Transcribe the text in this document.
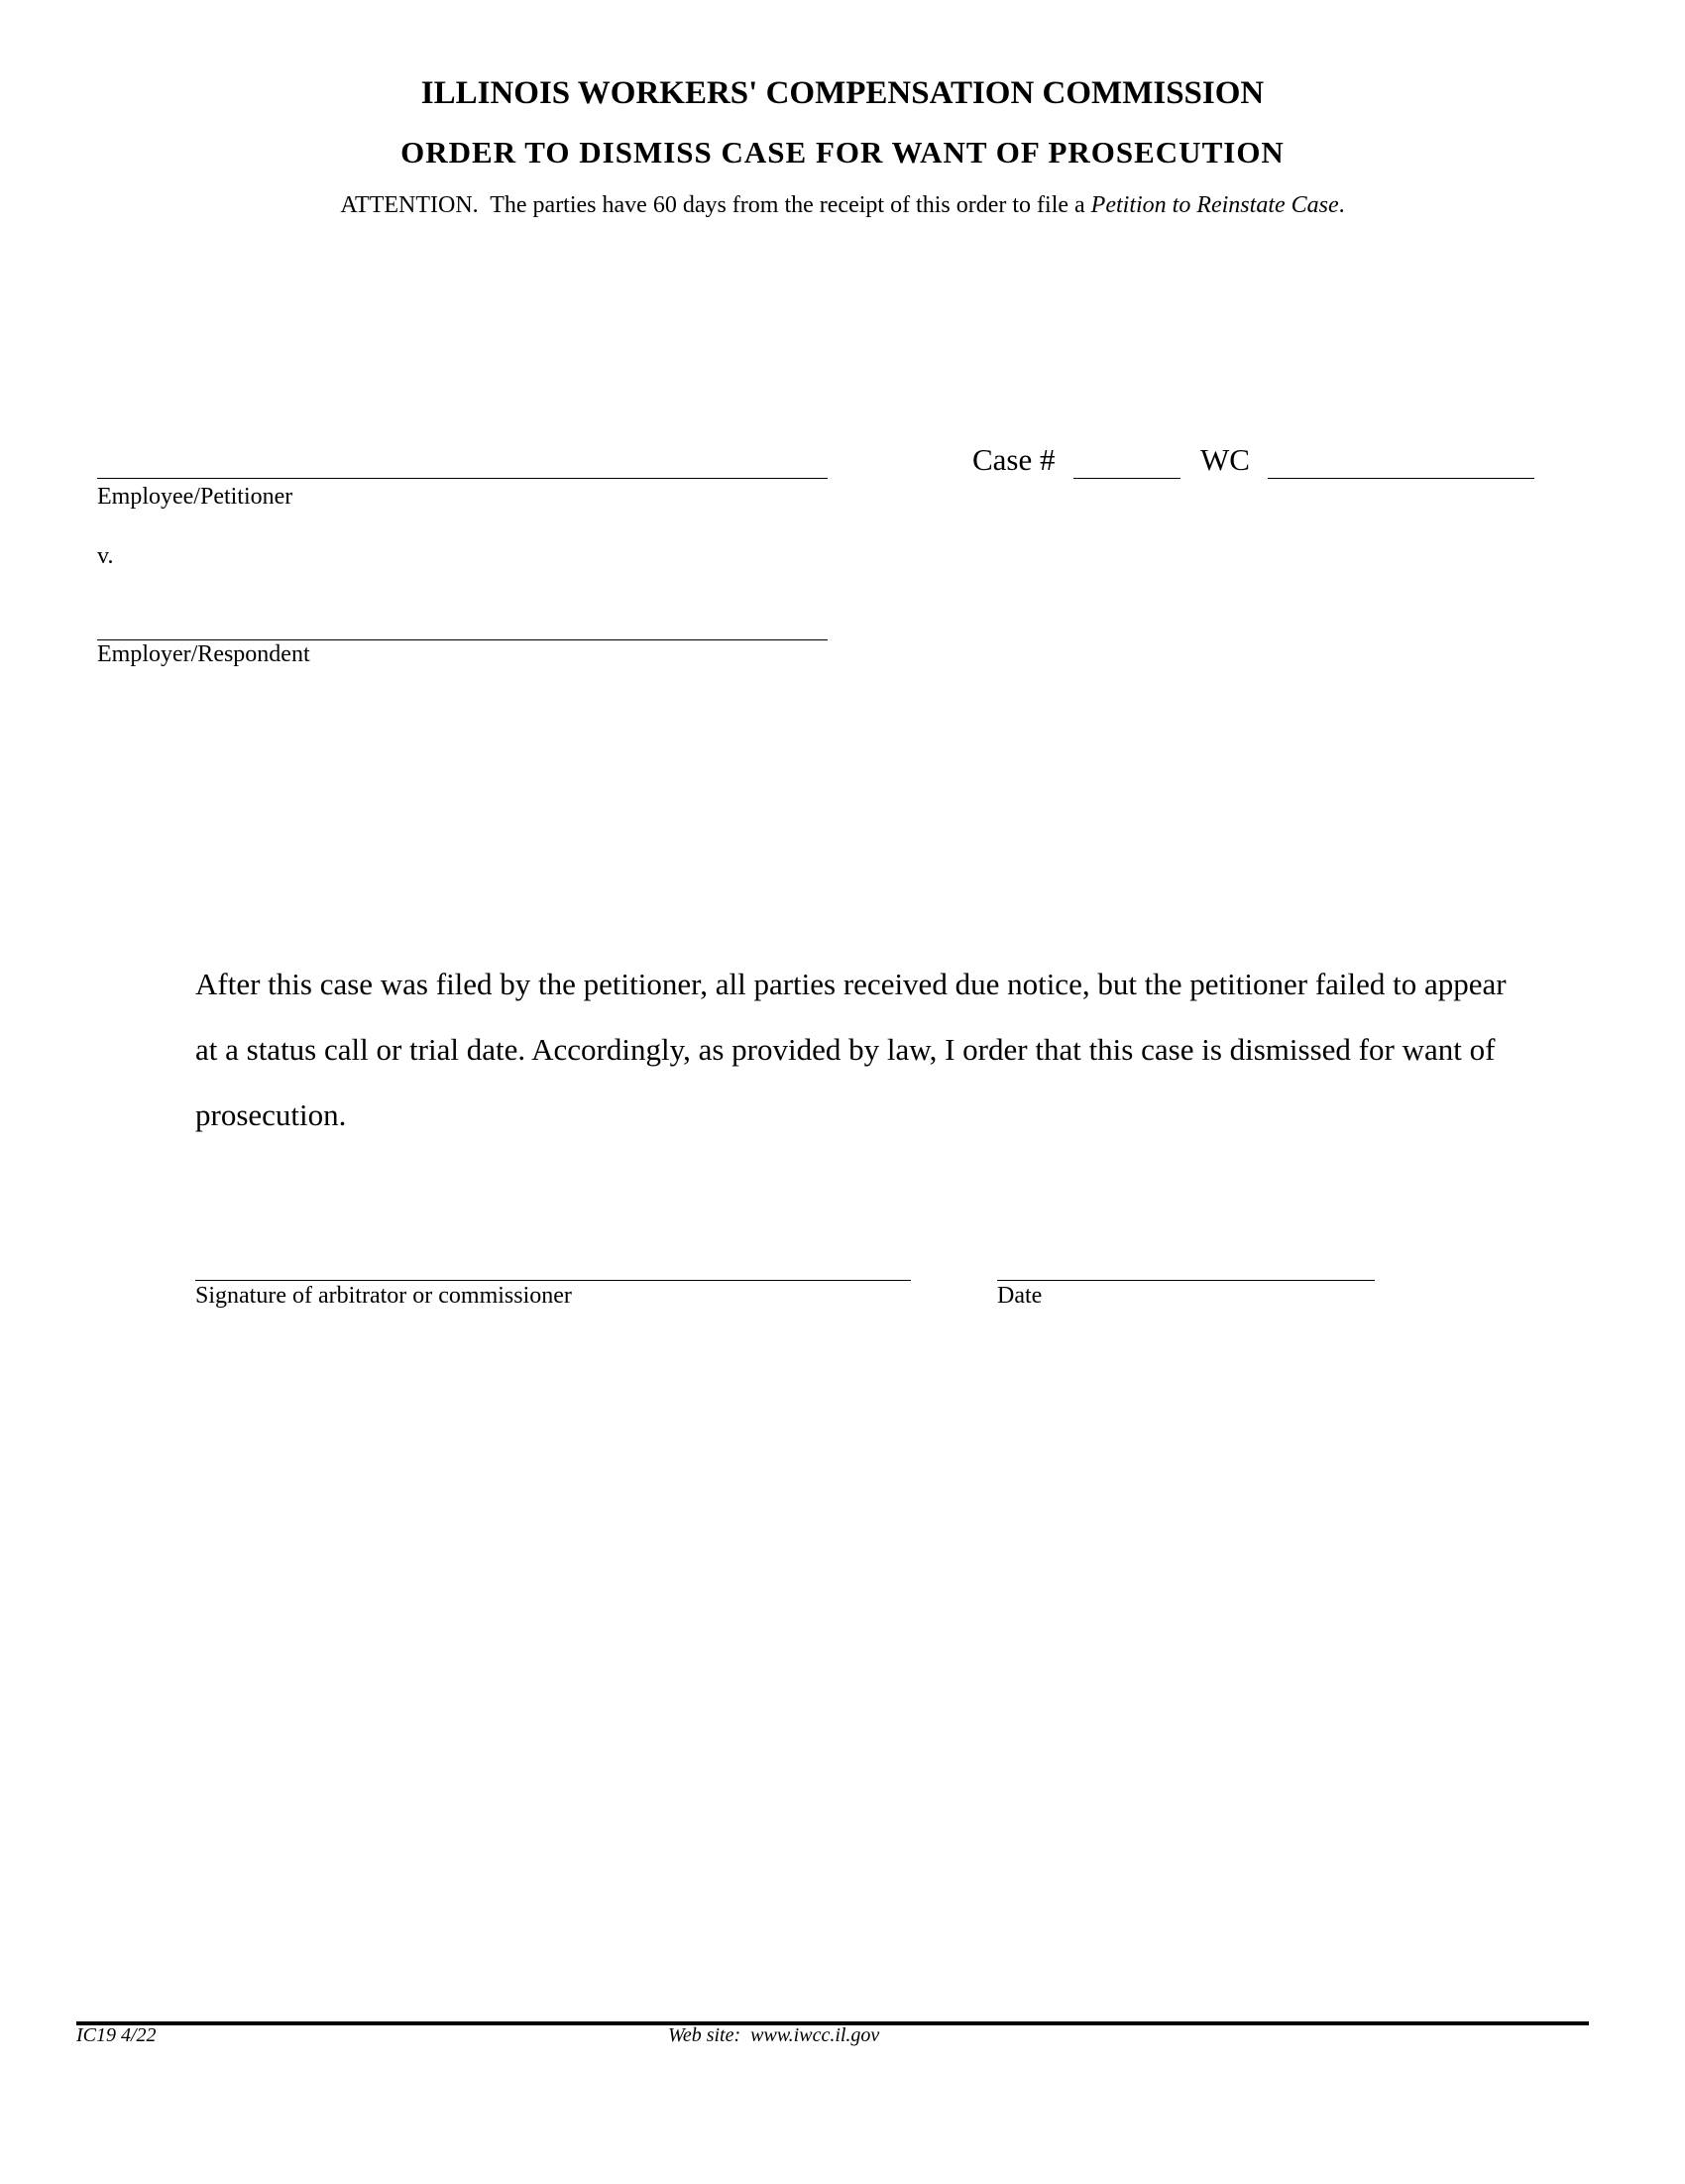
ILLINOIS WORKERS' COMPENSATION COMMISSION
ORDER TO DISMISS CASE FOR WANT OF PROSECUTION
ATTENTION.  The parties have 60 days from the receipt of this order to file a Petition to Reinstate Case.
Employee/Petitioner
v.
Employer/Respondent
Case #	WC
After this case was filed by the petitioner, all parties received due notice, but the petitioner failed to appear at a status call or trial date. Accordingly, as provided by law, I order that this case is dismissed for want of prosecution.
Signature of arbitrator or commissioner	Date
IC19 4/22	Web site:  www.iwcc.il.gov
